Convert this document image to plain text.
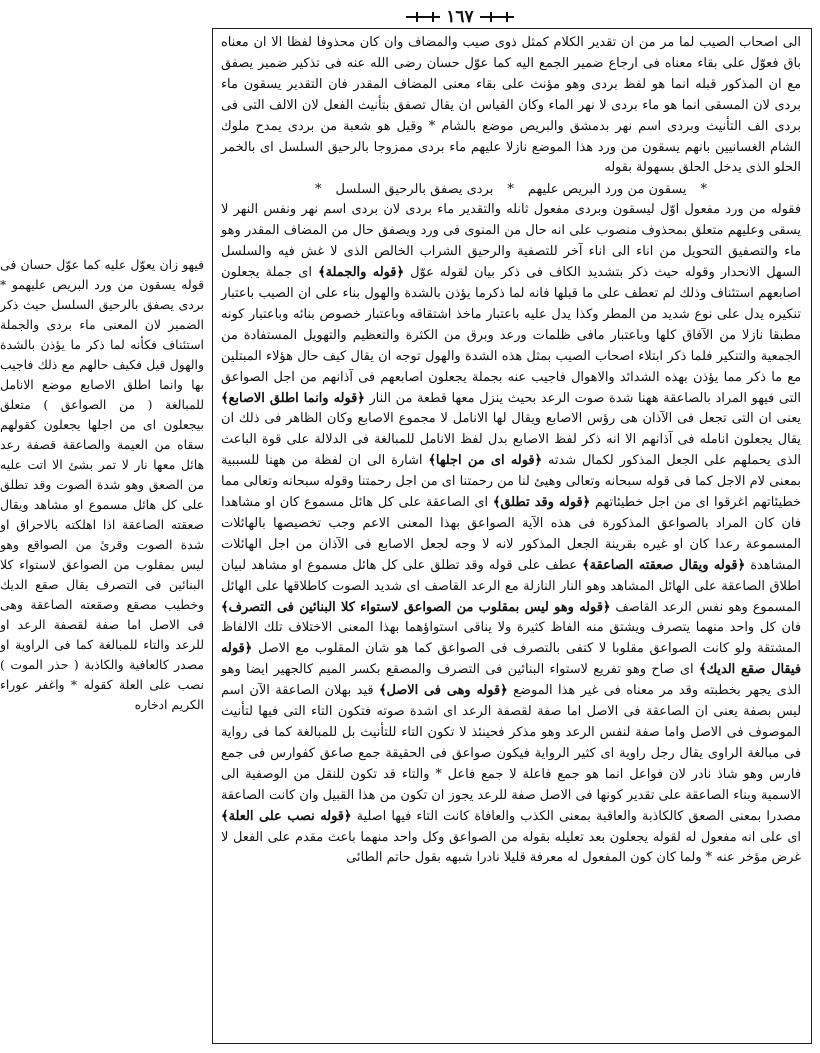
١٦٧

الى اصحاب الصيب لما مر من ان تقدير الكلام كمثل ذوى صيب والمضاف وان كان محذوفا لفظا الا ان معناه باق فعوّل على بقاء معناه فى ارجاع ضمير الجمع اليه كما عوّل حسان رضى الله عنه فى تذكير ضمير يصفق مع ان المذكور قبله انما هو لفظ بردى وهو مؤنث على بقاء معنى المضاف المقدر فان التقدير يسقون ماء بردى لان المسقى انما هو ماء بردى لا نهر الماء وكان القياس ان يقال تصفق بتأنيث الفعل لان الالف التى فى بردى الف التأنيث وبردى اسم نهر بدمشق والبريص موضع بالشام * وقيل هو شعبة من بردى يمدح ملوك الشام الغسانيين بانهم يسقون من ورد هذا الموضع نازلا عليهم ماء بردى ممزوجا بالرحيق السلسل اى بالخمر الحلو الذى يدخل الحلق بسهولة بقوله

*يسقون من ورد البريص عليهم*بردى يصفق بالرحيق السلسل*

فقوله من ورد مفعول اوّل ليسقون وبردى مفعول ثانله والتقدير ماء بردى لان بردى اسم نهر ونفس النهر لا يسقى وعليهم متعلق بمحذوف منصوب على انه حال من المنوى فى ورد ويصفق حال من المضاف المقدر وهو ماء والتصفيق التحويل من اناء الى اناء آخر للتصفية والرحيق الشراب الخالص الذى لا غش فيه والسلسل السهل الانحدار وقوله حيث ذكر بتشديد الكاف فى ذكر بيان لقوله عوّل ﴿قوله والجملة﴾ اى جملة يجعلون اصابعهم استئناف وذلك لم تعطف على ما قبلها فانه لما ذكرما يؤذن بالشدة والهول بناء على ان الصيب باعتبار تنكيره يدل على نوع شديد من المطر وكذا يدل عليه باعتبار ماخذ اشتقاقه وباعتبار خصوص بنائه وباعتبار كونه مطبقا نازلا من الآفاق كلها وباعتبار مافى ظلمات ورعد وبرق من الكثرة والتعظيم والتهويل المستفادة من الجمعية والتنكير فلما ذكر ابتلاء اصحاب الصيب بمثل هذه الشدة والهول توجه ان يقال كيف حال هؤلاء المبتلين مع ما ذكر مما يؤذن بهذه الشدائد والاهوال فاجيب عنه بجملة يجعلون اصابعهم فى آذانهم من اجل الصواعق التى فيهو المراد بالصاعقة ههنا شدة صوت الرعد بحيث ينزل معها قطعة من النار ﴿قوله وانما اطلق الاصابع﴾ يعنى ان التى تجعل فى الآذان هى رؤس الاصابع ويقال لها الانامل لا مجموع الاصابع وكان الظاهر فى ذلك ان يقال يجعلون انامله فى آذانهم الا انه ذكر لفظ الاصابع بدل لفظ الانامل للمبالغة فى الدلالة على قوة الباعث الذى يحملهم على الجعل المذكور لكمال شدته ﴿قوله اى من اجلها﴾ اشارة الى ان لفظة من ههنا للسببية بمعنى لام الاجل كما فى قوله سبحانه وتعالى وهيئ لنا من رحمتنا اى من اجل رحمتنا وقوله سبحانه وتعالى مما خطيئاتهم اغرقوا اى من اجل خطيئاتهم ﴿قوله وقد تطلق﴾ اى الصاعقة على كل هائل مسموع كان او مشاهدا فان كان المراد بالصواعق المذكورة فى هذه الآية الصواعق بهذا المعنى الاعم وجب تخصيصها بالهائلات المسموعة رعدا كان او غيره بقرينة الجعل المذكور لانه لا وجه لجعل الاصابع فى الآذان من اجل الهائلات المشاهدة ﴿قوله ويقال صعقته الصاعقة﴾ عطف على قوله وقد تطلق على كل هائل مسموع او مشاهد لبيان اطلاق الصاعقة على الهائل المشاهد وهو النار النازلة مع الرعد القاصف اى شديد الصوت كاطلاقها على الهائل المسموع وهو نفس الرعد القاصف ﴿قوله وهو ليس بمقلوب من الصواعق لاستواء كلا البنائين فى التصرف﴾ فان كل واحد منهما يتصرف ويشتق منه الفاظ كثيرة ولا يناقى استواؤهما بهذا المعنى الاختلاف تلك الالفاظ المشتقة ولو كانت الصواعق مقلوبا لا كتفى بالتصرف فى الصواعق كما هو شان المقلوب مع الاصل ﴿قوله فيقال صقع الديك﴾ اى صاح وهو تفريع لاستواء البنائين فى التصرف والمصقع بكسر الميم كالجهير ايضا وهو الذى يجهر بخطبته وقد مر معناه فى غير هذا الموضع ﴿قوله وهى فى الاصل﴾ قيد بهلان الصاعقة الآن اسم ليس بصفة يعنى ان الصاعقة فى الاصل اما صفة لقصفة الرعد اى اشدة صوته فتكون التاء التى فيها لتأنيث الموصوف فى الاصل واما صفة لنفس الرعد وهو مذكر فحينئذ لا تكون التاء للتأنيث بل للمبالغة كما فى رواية فى مبالغة الراوى يقال رجل راوية اى كثير الرواية فيكون صواعق فى الحقيقة جمع صاعق كفوارس فى جمع فارس وهو شاذ نادر لان فواعل انما هو جمع فاعلة لا جمع فاعل * والتاء قد تكون للنقل من الوصفية الى الاسمية وبناء الصاعقة على تقدير كونها فى الاصل صفة للرعد يجوز ان تكون من هذا القبيل وان كانت الصاعقة مصدرا بمعنى الصعق كالكاذبة والعاقبة بمعنى الكذب والعافاة كانت التاء فيها اصلية ﴿قوله نصب على العلة﴾ اى على انه مفعول له لقوله يجعلون بعد تعليله بقوله من الصواعق وكل واحد منهما باعث مقدم على الفعل لا غرض مؤخر عنه * ولما كان كون المفعول له معرفة قليلا نادرا شبهه بقول حاتم الطائى

فيهو زان يعوّل عليه كما عوّل حسان فى قوله يسقون من ورد البريص عليهمو * بردى يصفق بالرحيق السلسل حيث ذكر الضمير لان المعنى ماء بردى والجملة استئناف فكأنه لما ذكر ما يؤذن بالشدة والهول قيل فكيف حالهم مع ذلك فاجيب بها وانما اطلق الاصابع موضع الانامل للمبالغة ( من الصواعق ) متعلق بيجعلون اى من اجلها يجعلون كقولهم سقاه من العيمة والصاعقة قصفة رعد هائل معها نار لا تمر بشئ الا اتت عليه من الصعق وهو شدة الصوت وقد تطلق على كل هائل مسموع او مشاهد ويقال صعقته الصاعقة اذا اهلكته بالاحراق او شدة الصوت وقرئ من الصواقع وهو ليس بمقلوب من الصواعق لاستواء كلا البنائين فى التصرف يقال صقع الديك وخطيب مصقع وصقعته الصاعقة وهى فى الاصل اما صفة لقصفة الرعد او للرعد والتاء للمبالغة كما فى الراوية او مصدر كالعافية والكاذبة ( حذر الموت ) نصب على العلة كقوله * واغفر عوراء الكريم ادخاره
